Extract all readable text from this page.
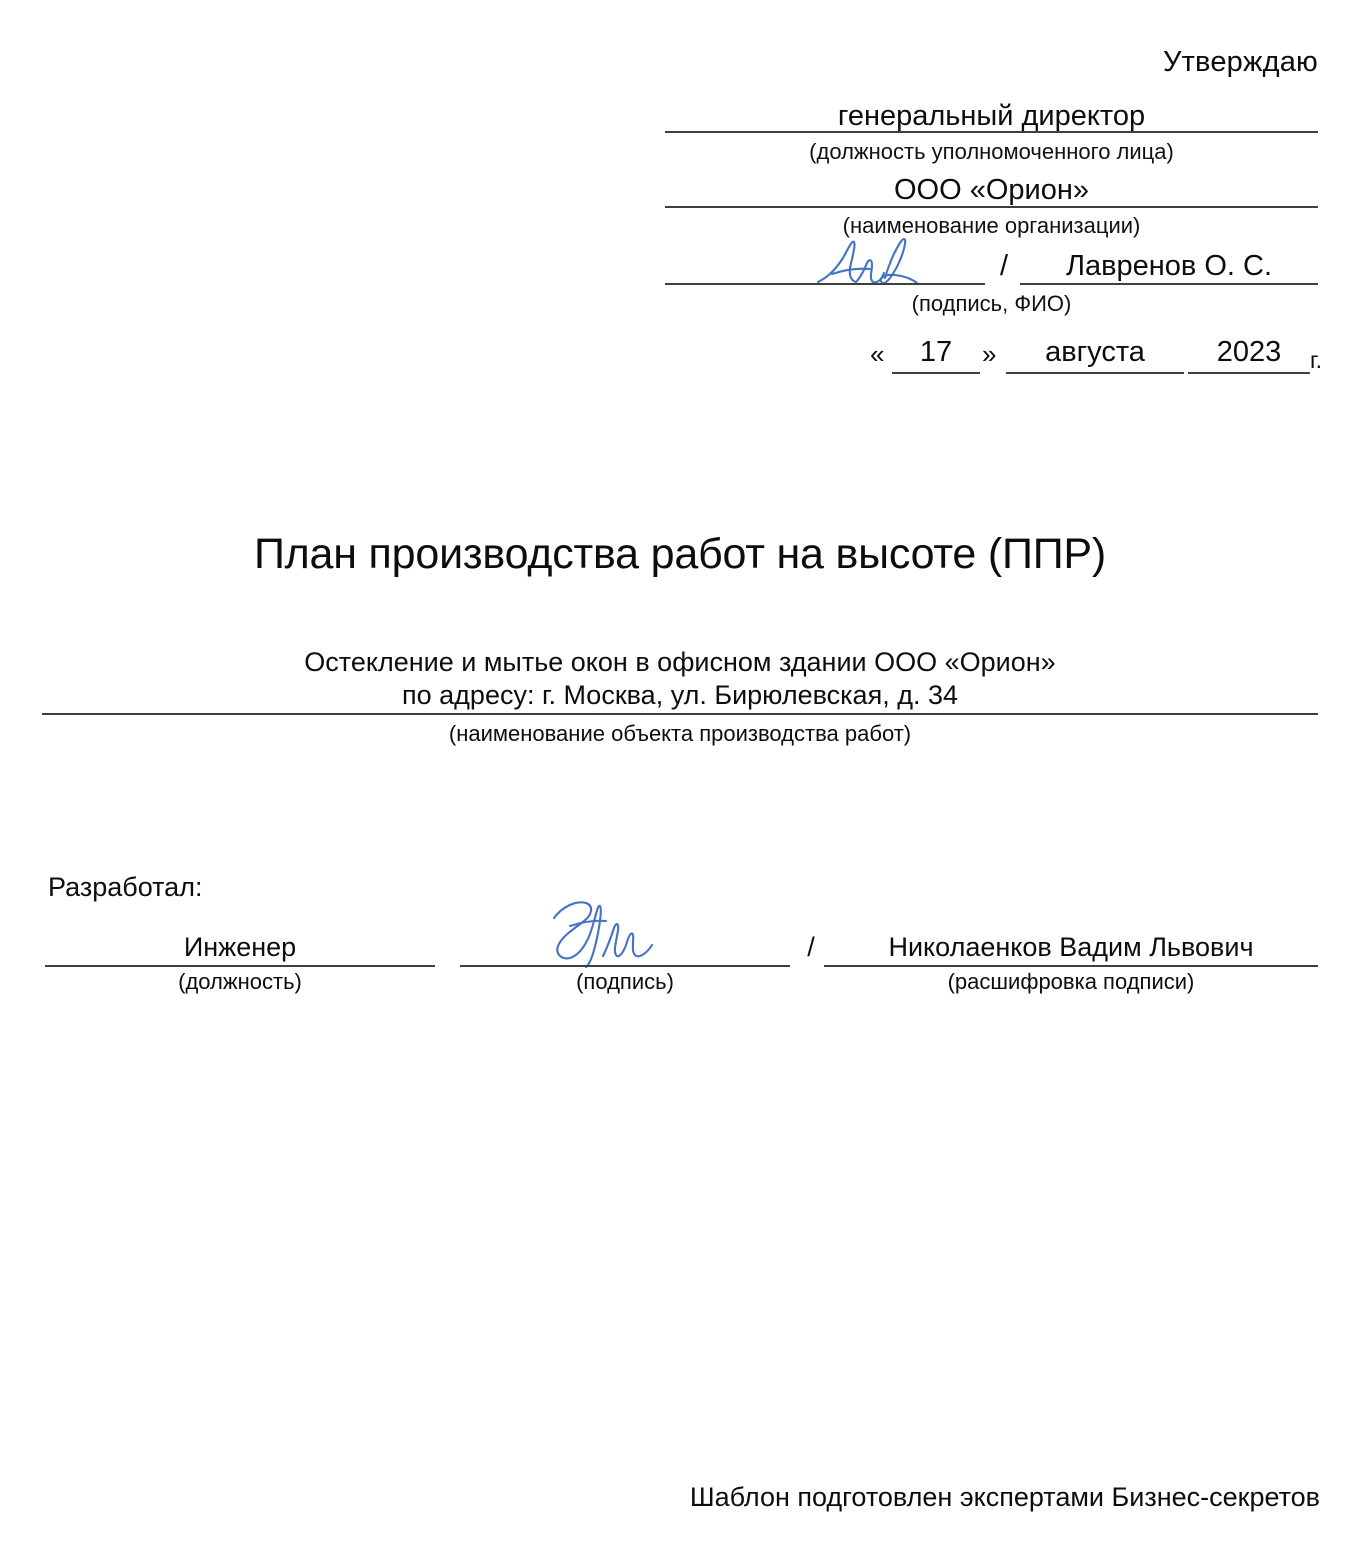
Утверждаю
генеральный директор
(должность уполномоченного лица)
ООО «Орион»
(наименование организации)
/	Лавренов О. С.
(подпись, ФИО)
«	17	»	августа	2023	г.
План производства работ на высоте (ППР)
Остекление и мытье окон в офисном здании ООО «Орион»
по адресу: г. Москва, ул. Бирюлевская, д. 34
(наименование объекта производства работ)
Разработал:
Инженер
(должность)	(подпись)
/	Николаенков Вадим Львович
(расшифровка подписи)
Шаблон подготовлен экспертами Бизнес-секретов
